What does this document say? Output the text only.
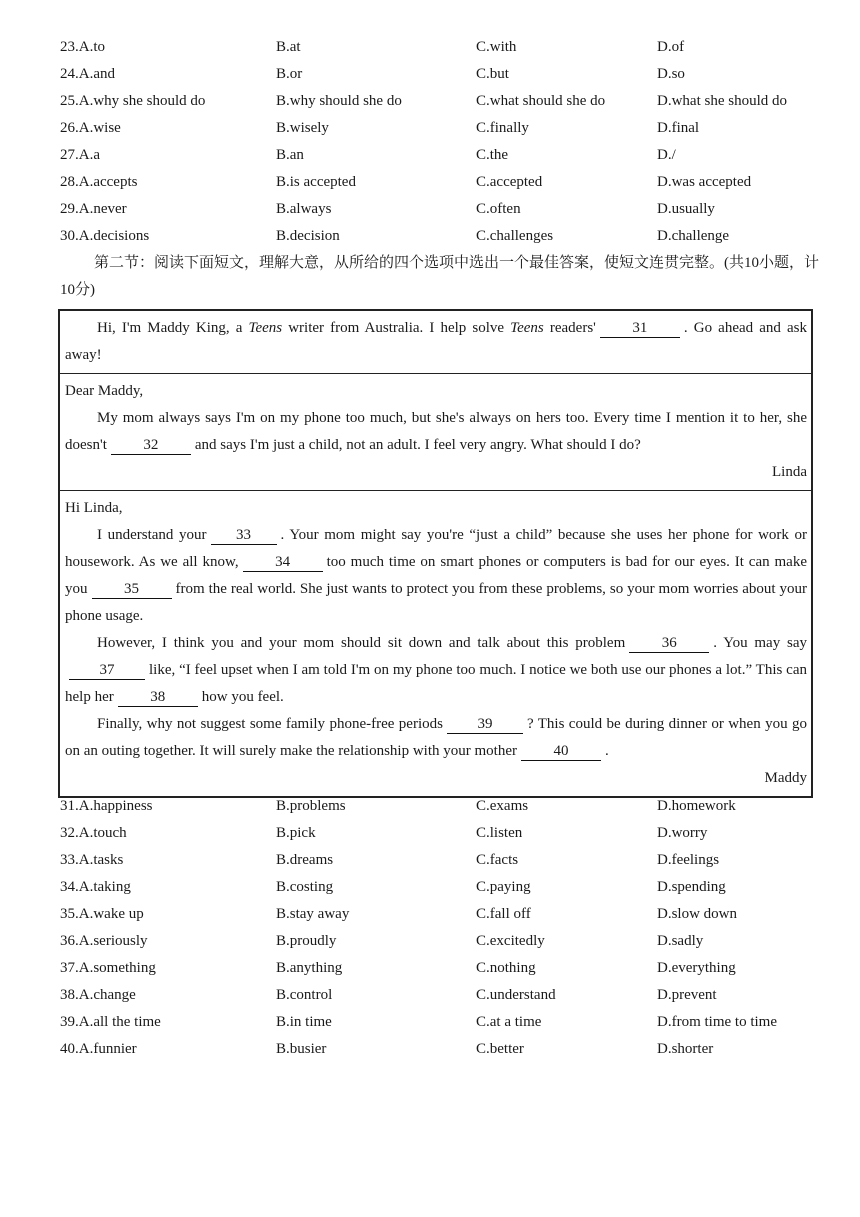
23.A.to	B.at	C.with	D.of
24.A.and	B.or	C.but	D.so
25.A.why she should do	B.why should she do	C.what should she do	D.what she should do
26.A.wise	B.wisely	C.finally	D.final
27.A.a	B.an	C.the	D./
28.A.accepts	B.is accepted	C.accepted	D.was accepted
29.A.never	B.always	C.often	D.usually
30.A.decisions	B.decision	C.challenges	D.challenge
第二节：阅读下面短文，理解大意，从所给的四个选项中选出一个最佳答案，使短文连贯完整。(共10小题，计10分)
Hi, I'm Maddy King, a Teens writer from Australia. I help solve Teens readers' 31 . Go ahead and ask away!
Dear Maddy,
My mom always says I'm on my phone too much, but she's always on hers too. Every time I mention it to her, she doesn't 32 and says I'm just a child, not an adult. I feel very angry. What should I do?
Linda
Hi Linda,
I understand your 33 . Your mom might say you're “just a child” because she uses her phone for work or housework. As we all know, 34 too much time on smart phones or computers is bad for our eyes. It can make you 35 from the real world. She just wants to protect you from these problems, so your mom worries about your phone usage.
However, I think you and your mom should sit down and talk about this problem 36 . You may say37 like, “I feel upset when I am told I'm on my phone too much. I notice we both use our phones a lot.” This can help her 38 how you feel.
Finally, why not suggest some family phone-free periods 39 ? This could be during dinner or when you go on an outing together. It will surely make the relationship with your mother 40 .
Maddy
31.A.happiness	B.problems	C.exams	D.homework
32.A.touch	B.pick	C.listen	D.worry
33.A.tasks	B.dreams	C.facts	D.feelings
34.A.taking	B.costing	C.paying	D.spending
35.A.wake up	B.stay away	C.fall off	D.slow down
36.A.seriously	B.proudly	C.excitedly	D.sadly
37.A.something	B.anything	C.nothing	D.everything
38.A.change	B.control	C.understand	D.prevent
39.A.all the time	B.in time	C.at a time	D.from time to time
40.A.funnier	B.busier	C.better	D.shorter
